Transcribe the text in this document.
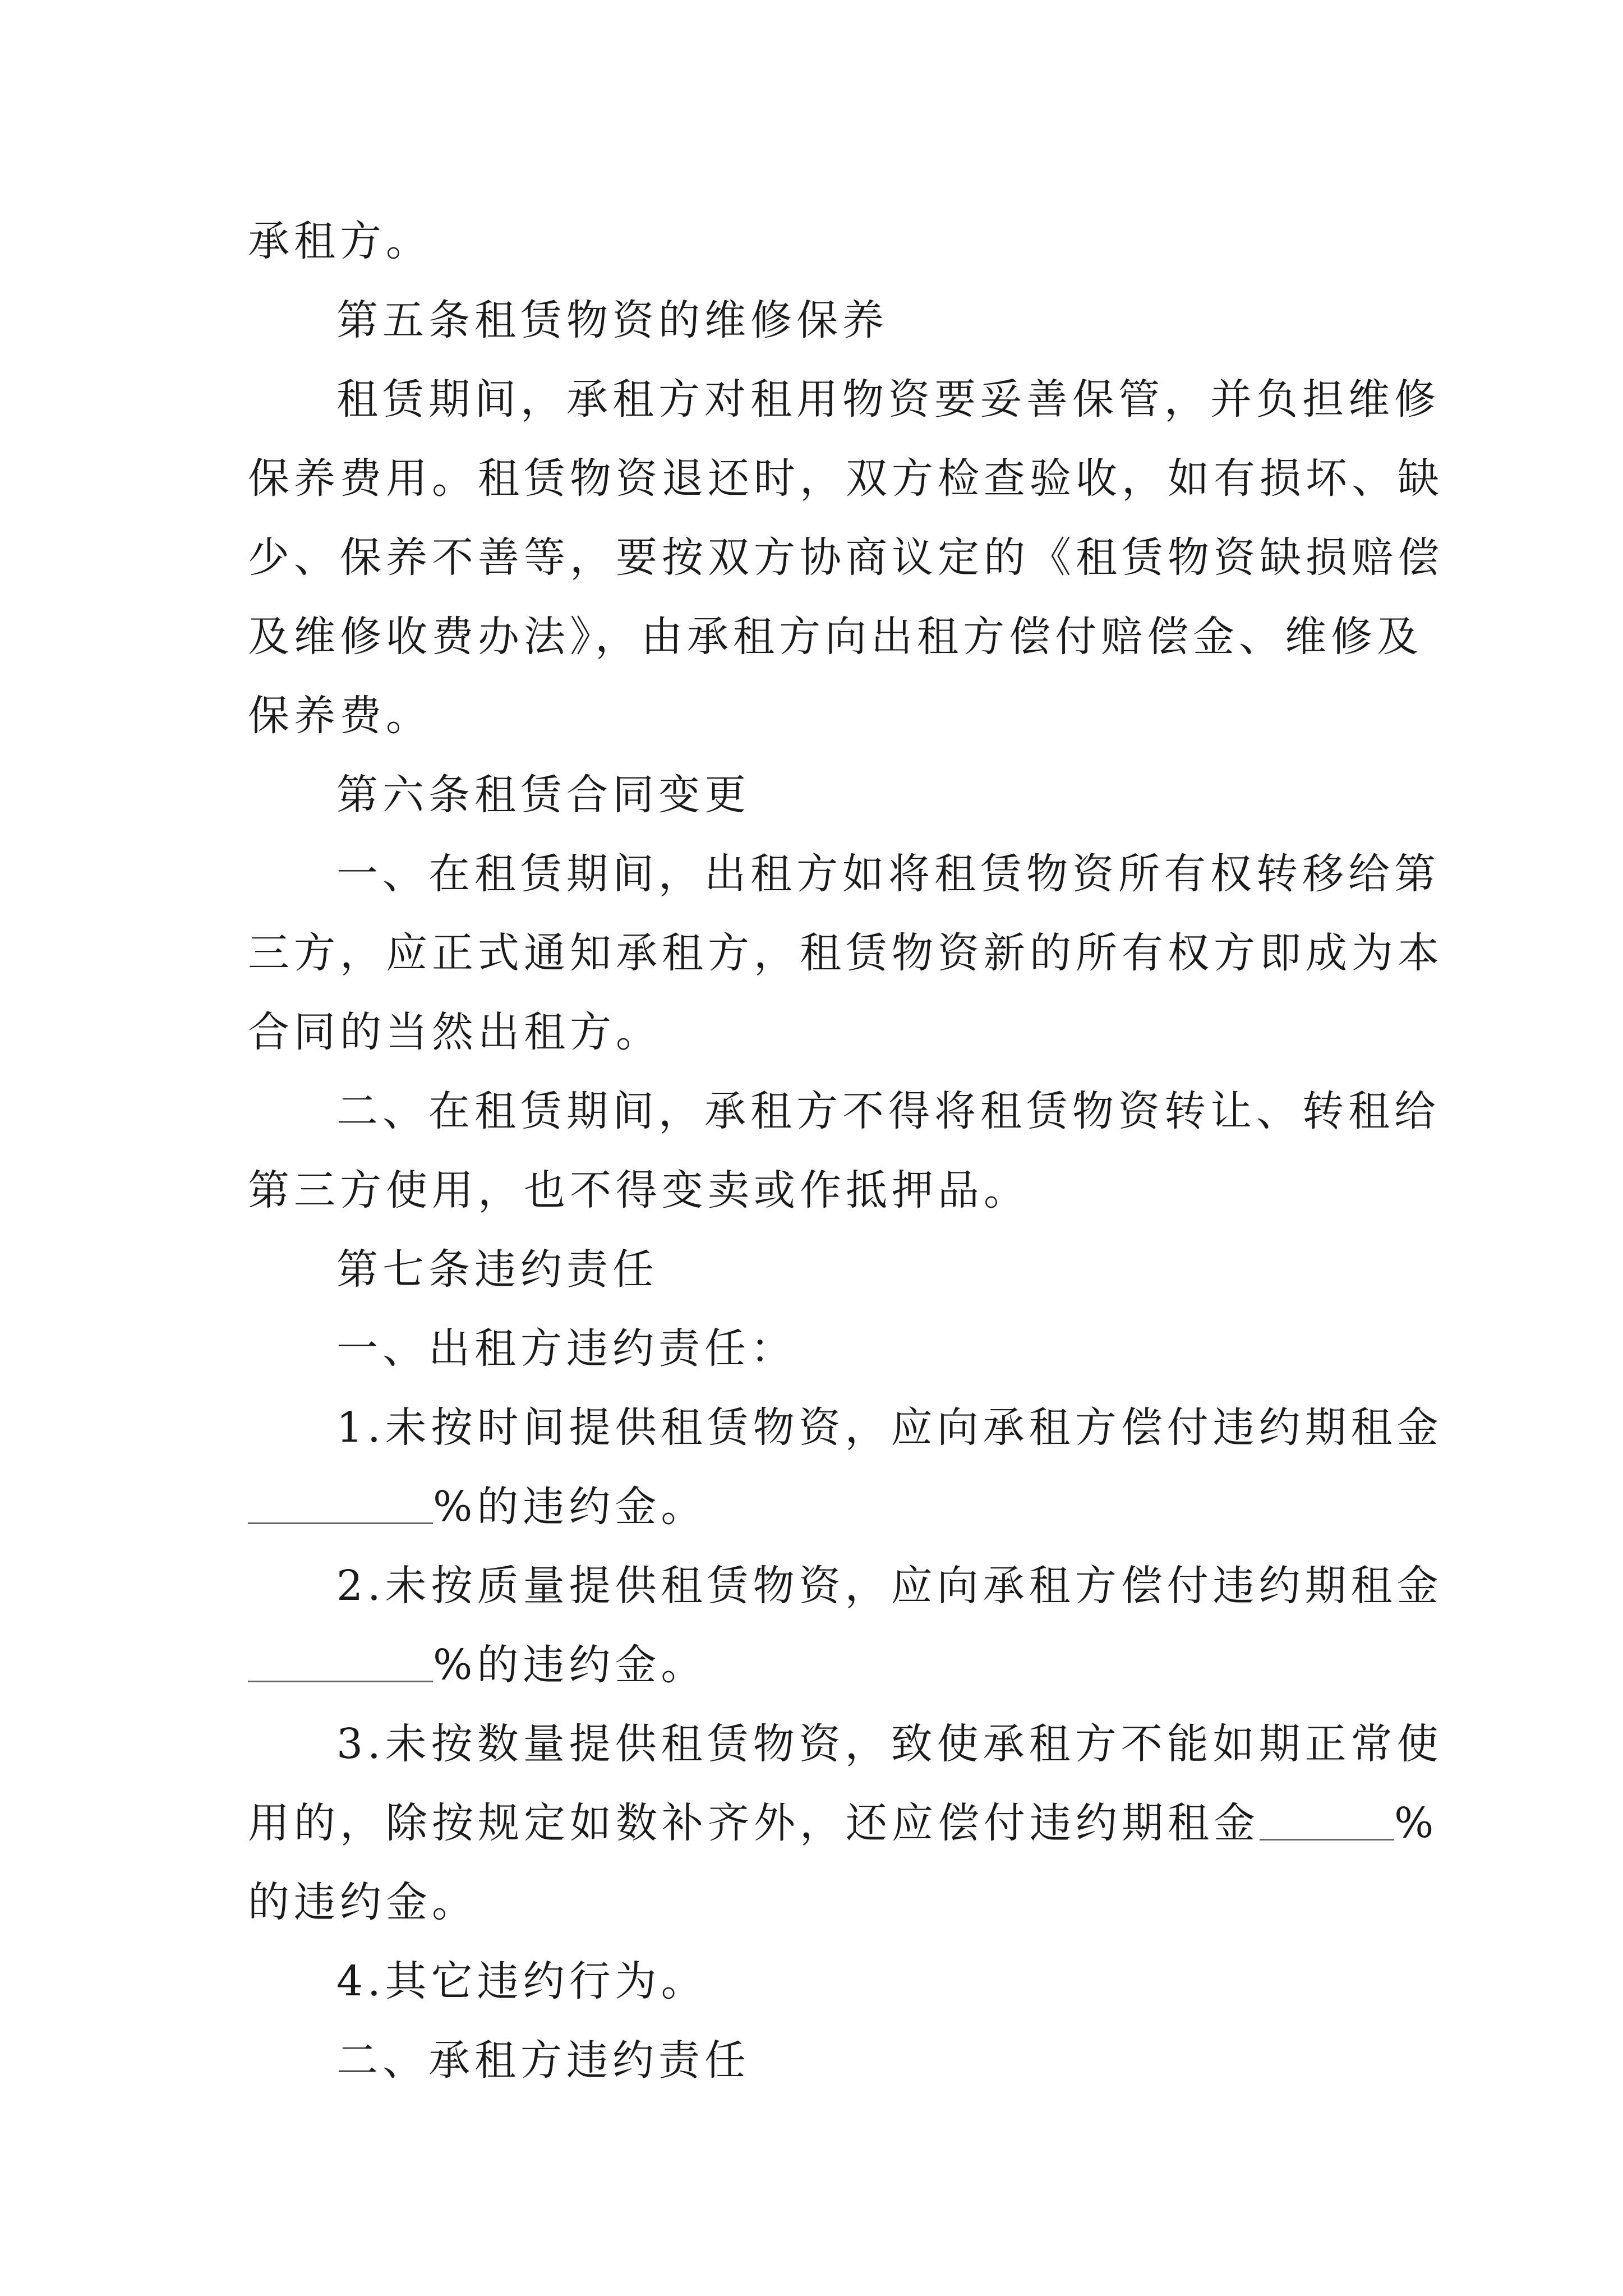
承租方。
第五条租赁物资的维修保养
租赁期间，承租方对租用物资要妥善保管，并负担维修
保养费用。租赁物资退还时，双方检查验收，如有损坏、缺
少、保养不善等，要按双方协商议定的《租赁物资缺损赔偿
及维修收费办法》，由承租方向出租方偿付赔偿金、维修及
保养费。
第六条租赁合同变更
一、在租赁期间，出租方如将租赁物资所有权转移给第
三方，应正式通知承租方，租赁物资新的所有权方即成为本
合同的当然出租方。
二、在租赁期间，承租方不得将租赁物资转让、转租给
第三方使用，也不得变卖或作抵押品。
第七条违约责任
一、出租方违约责任：
1.未按时间提供租赁物资，应向承租方偿付违约期租金
%的违约金。
2.未按质量提供租赁物资，应向承租方偿付违约期租金
%的违约金。
3.未按数量提供租赁物资，致使承租方不能如期正常使
用的，除按规定如数补齐外，还应偿付违约期租金	%
的违约金。
4.其它违约行为。
二、承租方违约责任
